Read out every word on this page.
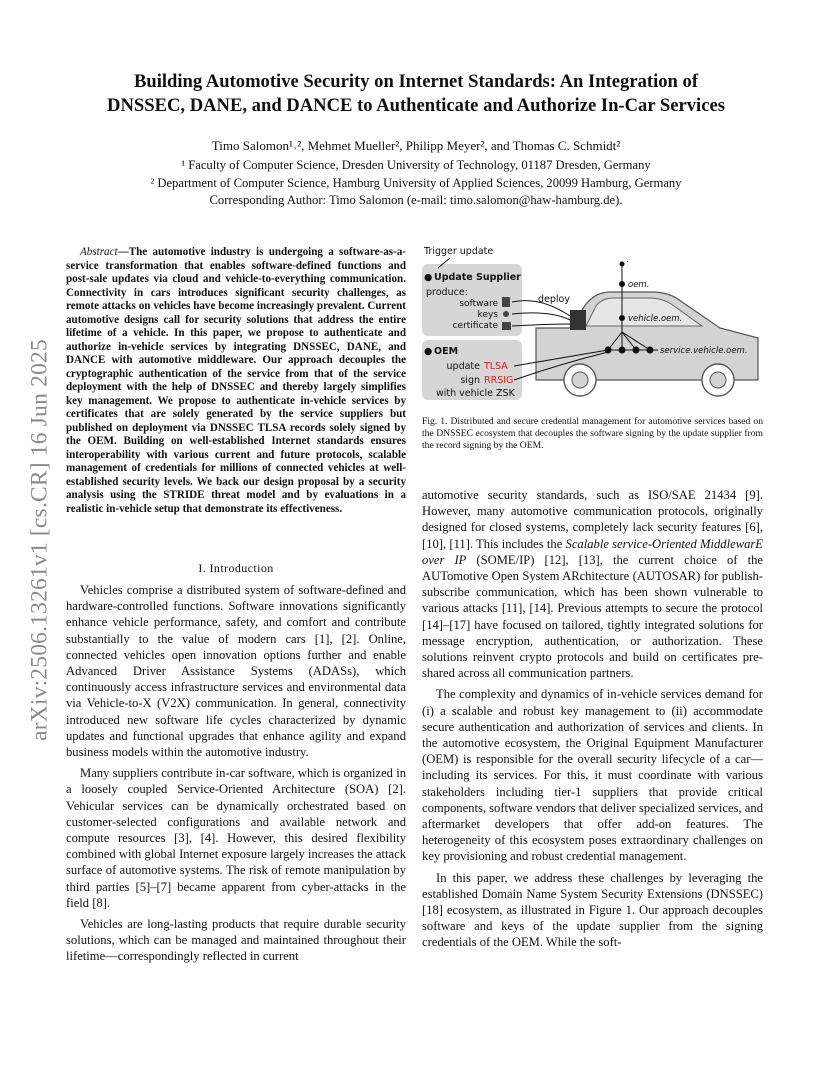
arXiv:2506.13261v1 [cs.CR] 16 Jun 2025
Building Automotive Security on Internet Standards: An Integration of
DNSSEC, DANE, and DANCE to Authenticate and Authorize In-Car Services
Timo Salomon¹˒², Mehmet Mueller², Philipp Meyer², and Thomas C. Schmidt²
¹ Faculty of Computer Science, Dresden University of Technology, 01187 Dresden, Germany
² Department of Computer Science, Hamburg University of Applied Sciences, 20099 Hamburg, Germany
Corresponding Author: Timo Salomon (e-mail: timo.salomon@haw-hamburg.de).
Abstract—The automotive industry is undergoing a software-as-a-service transformation that enables software-defined functions and post-sale updates via cloud and vehicle-to-everything communication. Connectivity in cars introduces significant security challenges, as remote attacks on vehicles have become increasingly prevalent. Current automotive designs call for security solutions that address the entire lifetime of a vehicle. In this paper, we propose to authenticate and authorize in-vehicle services by integrating DNSSEC, DANE, and DANCE with automotive middleware. Our approach decouples the cryptographic authentication of the service from that of the service deployment with the help of DNSSEC and thereby largely simplifies key management. We propose to authenticate in-vehicle services by certificates that are solely generated by the service suppliers but published on deployment via DNSSEC TLSA records solely signed by the OEM. Building on well-established Internet standards ensures interoperability with various current and future protocols, scalable management of credentials for millions of connected vehicles at well-established security levels. We back our design proposal by a security analysis using the STRIDE threat model and by evaluations in a realistic in-vehicle setup that demonstrate its effectiveness.
I. Introduction

Vehicles comprise a distributed system of software-defined and hardware-controlled functions. Software innovations significantly enhance vehicle performance, safety, and comfort and contribute substantially to the value of modern cars [1], [2]. Online, connected vehicles open innovation options further and enable Advanced Driver Assistance Systems (ADASs), which continuously access infrastructure services and environmental data via Vehicle-to-X (V2X) communication. In general, connectivity introduced new software life cycles characterized by dynamic updates and functional upgrades that enhance agility and expand business models within the automotive industry.

Many suppliers contribute in-car software, which is organized in a loosely coupled Service-Oriented Architecture (SOA) [2]. Vehicular services can be dynamically orchestrated based on customer-selected configurations and available network and compute resources [3], [4]. However, this desired flexibility combined with global Internet exposure largely increases the attack surface of automotive systems. The risk of remote manipulation by third parties [5]–[7] became apparent from cyber-attacks in the field [8].

Vehicles are long-lasting products that require durable security solutions, which can be managed and maintained throughout their lifetime—correspondingly reflected in current

Trigger update
● Update Supplier
produce:
software
keys
certificate
deploy
● OEM
update TLSA
sign RRSIG
with vehicle ZSK
.
oem.
vehicle.oem.
service.vehicle.oem.
Fig. 1. Distributed and secure credential management for automotive services based on the DNSSEC ecosystem that decouples the software signing by the update supplier from the record signing by the OEM.

automotive security standards, such as ISO/SAE 21434 [9]. However, many automotive communication protocols, originally designed for closed systems, completely lack security features [6], [10], [11]. This includes the Scalable service-Oriented MiddlewarE over IP (SOME/IP) [12], [13], the current choice of the AUTomotive Open System ARchitecture (AUTOSAR) for publish-subscribe communication, which has been shown vulnerable to various attacks [11], [14]. Previous attempts to secure the protocol [14]–[17] have focused on tailored, tightly integrated solutions for message encryption, authentication, or authorization. These solutions reinvent crypto protocols and build on certificates pre-shared across all communication partners.

The complexity and dynamics of in-vehicle services demand for (i) a scalable and robust key management to (ii) accommodate secure authentication and authorization of services and clients. In the automotive ecosystem, the Original Equipment Manufacturer (OEM) is responsible for the overall security lifecycle of a car—including its services. For this, it must coordinate with various stakeholders including tier-1 suppliers that provide critical components, software vendors that deliver specialized services, and aftermarket developers that offer add-on features. The heterogeneity of this ecosystem poses extraordinary challenges on key provisioning and robust credential management.

In this paper, we address these challenges by leveraging the established Domain Name System Security Extensions (DNSSEC) [18] ecosystem, as illustrated in Figure 1. Our approach decouples software and keys of the update supplier from the signing credentials of the OEM. While the soft-
